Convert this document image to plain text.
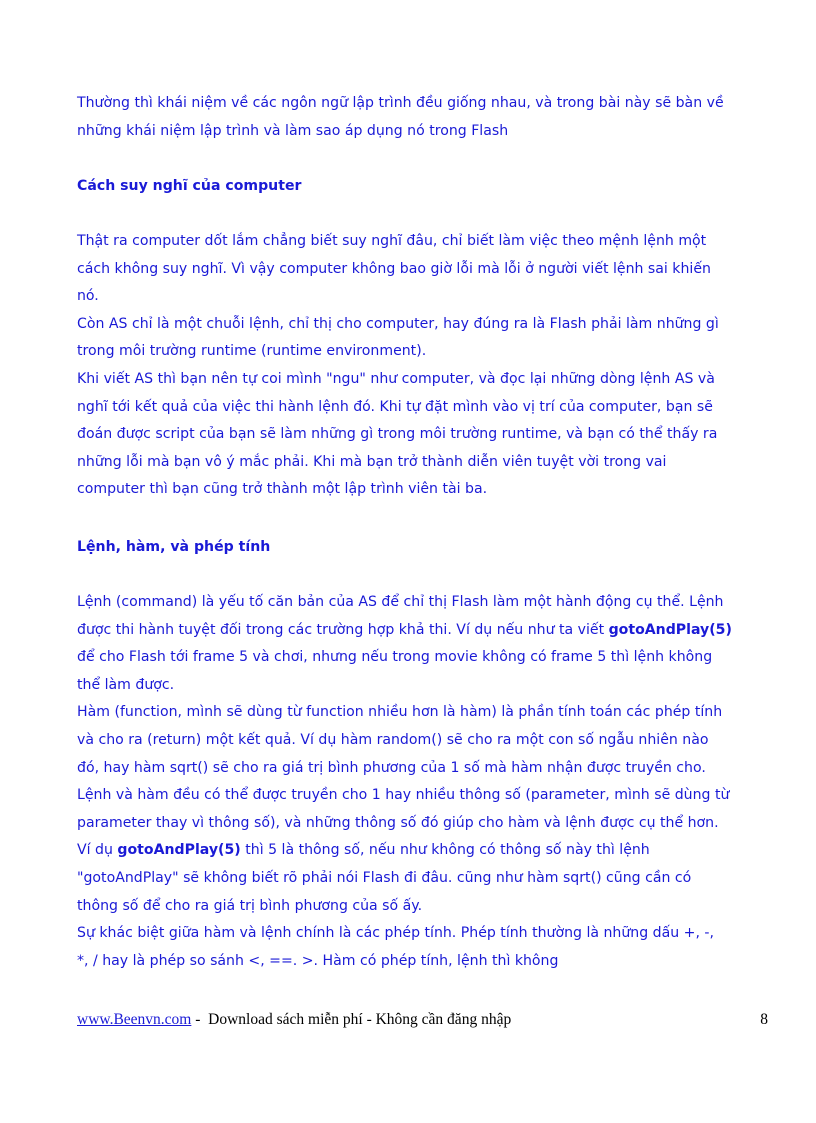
Thường thì khái niệm về các ngôn ngữ lập trình đều giống nhau, và trong bài này sẽ bàn về
những khái niệm lập trình và làm sao áp dụng nó trong Flash
Cách suy nghĩ của computer
Thật ra computer dốt lắm chẳng biết suy nghĩ đâu, chỉ biết làm việc theo mệnh lệnh một
cách không suy nghĩ. Vì vậy computer không bao giờ lỗi mà lỗi ở người viết lệnh sai khiến
nó.
Còn AS chỉ là một chuỗi lệnh, chỉ thị cho computer, hay đúng ra là Flash phải làm những gì
trong môi trường runtime (runtime environment).
Khi viết AS thì bạn nên tự coi mình "ngu" như computer, và đọc lại những dòng lệnh AS và
nghĩ tới kết quả của việc thi hành lệnh đó. Khi tự đặt mình vào vị trí của computer, bạn sẽ
đoán được script của bạn sẽ làm những gì trong môi trường runtime, và bạn có thể thấy ra
những lỗi mà bạn vô ý mắc phải. Khi mà bạn trở thành diễn viên tuyệt vời trong vai
computer thì bạn cũng trở thành một lập trình viên tài ba.
Lệnh, hàm, và phép tính
Lệnh (command) là yếu tố căn bản của AS để chỉ thị Flash làm một hành động cụ thể. Lệnh
được thi hành tuyệt đối trong các trường hợp khả thi. Ví dụ nếu như ta viết gotoAndPlay(5)
để cho Flash tới frame 5 và chơi, nhưng nếu trong movie không có frame 5 thì lệnh không
thể làm được.
Hàm (function, mình sẽ dùng từ function nhiều hơn là hàm) là phần tính toán các phép tính
và cho ra (return) một kết quả. Ví dụ hàm random() sẽ cho ra một con số ngẫu nhiên nào
đó, hay hàm sqrt() sẽ cho ra giá trị bình phương của 1 số mà hàm nhận được truyền cho.
Lệnh và hàm đều có thể được truyền cho 1 hay nhiều thông số (parameter, mình sẽ dùng từ
parameter thay vì thông số), và những thông số đó giúp cho hàm và lệnh được cụ thể hơn.
Ví dụ gotoAndPlay(5) thì 5 là thông số, nếu như không có thông số này thì lệnh
"gotoAndPlay" sẽ không biết rõ phải nói Flash đi đâu. cũng như hàm sqrt() cũng cần có
thông số để cho ra giá trị bình phương của số ấy.
Sự khác biệt giữa hàm và lệnh chính là các phép tính. Phép tính thường là những dấu +, -,
*, / hay là phép so sánh <, ==. >. Hàm có phép tính, lệnh thì không
www.Beenvn.com -  Download sách miễn phí - Không cần đăng nhập	8
